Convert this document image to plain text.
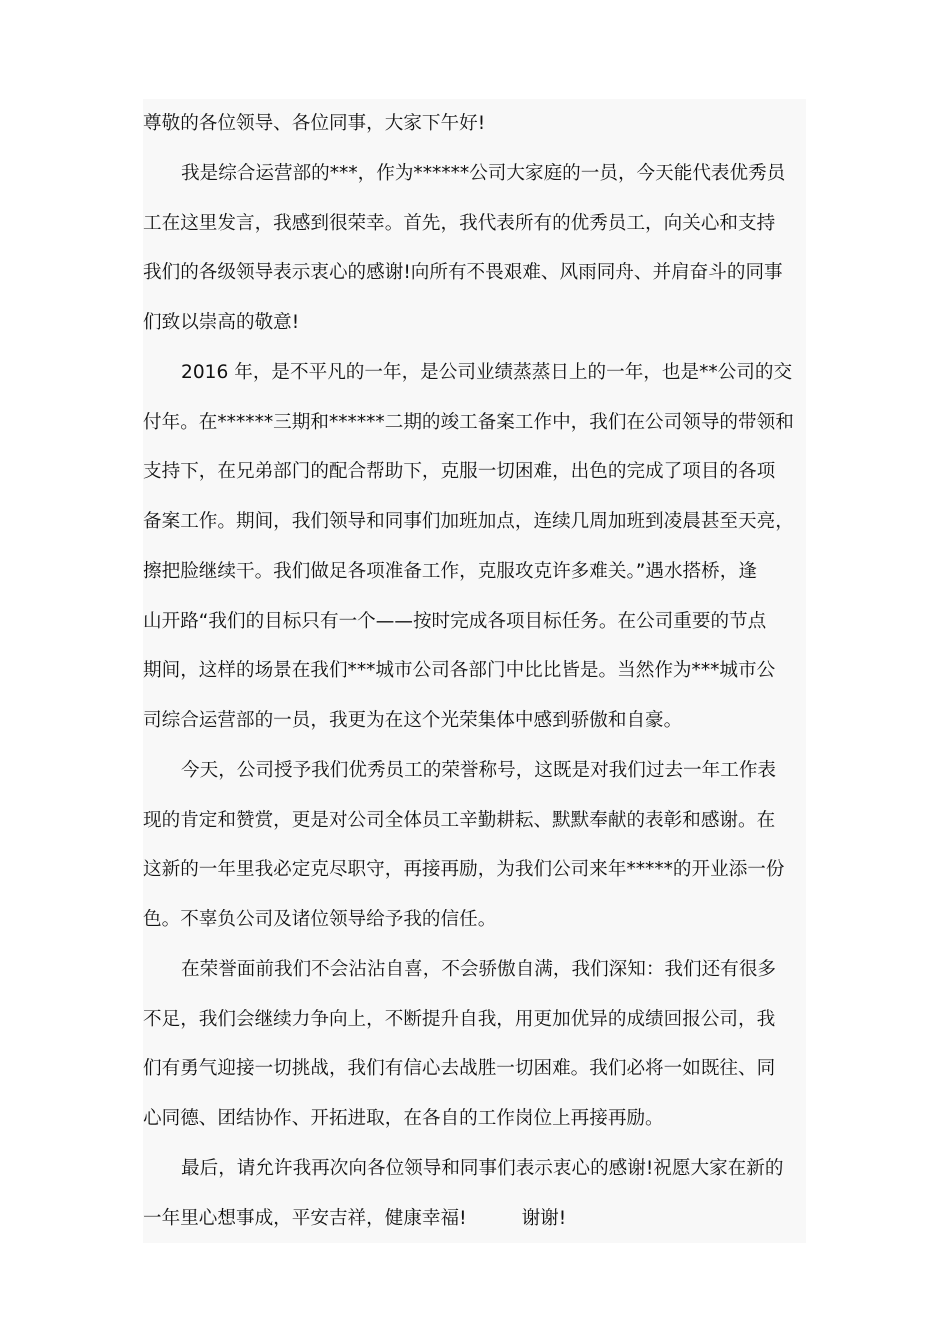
尊敬的各位领导、各位同事，大家下午好!
我是综合运营部的***，作为******公司大家庭的一员，今天能代表优秀员
工在这里发言，我感到很荣幸。首先，我代表所有的优秀员工，向关心和支持
我们的各级领导表示衷心的感谢!向所有不畏艰难、风雨同舟、并肩奋斗的同事
们致以崇高的敬意!
2016 年，是不平凡的一年，是公司业绩蒸蒸日上的一年，也是**公司的交
付年。在******三期和******二期的竣工备案工作中，我们在公司领导的带领和
支持下，在兄弟部门的配合帮助下，克服一切困难，出色的完成了项目的各项
备案工作。期间，我们领导和同事们加班加点，连续几周加班到凌晨甚至天亮，
擦把脸继续干。我们做足各项准备工作，克服攻克许多难关。”遇水搭桥，逢
山开路“我们的目标只有一个——按时完成各项目标任务。在公司重要的节点
期间，这样的场景在我们***城市公司各部门中比比皆是。当然作为***城市公
司综合运营部的一员，我更为在这个光荣集体中感到骄傲和自豪。
今天，公司授予我们优秀员工的荣誉称号，这既是对我们过去一年工作表
现的肯定和赞赏，更是对公司全体员工辛勤耕耘、默默奉献的表彰和感谢。在
这新的一年里我必定克尽职守，再接再励，为我们公司来年*****的开业添一份
色。不辜负公司及诸位领导给予我的信任。
在荣誉面前我们不会沾沾自喜，不会骄傲自满，我们深知：我们还有很多
不足，我们会继续力争向上，不断提升自我，用更加优异的成绩回报公司，我
们有勇气迎接一切挑战，我们有信心去战胜一切困难。我们必将一如既往、同
心同德、团结协作、开拓进取，在各自的工作岗位上再接再励。
最后，请允许我再次向各位领导和同事们表示衷心的感谢!祝愿大家在新的
一年里心想事成，平安吉祥，健康幸福!	谢谢!
